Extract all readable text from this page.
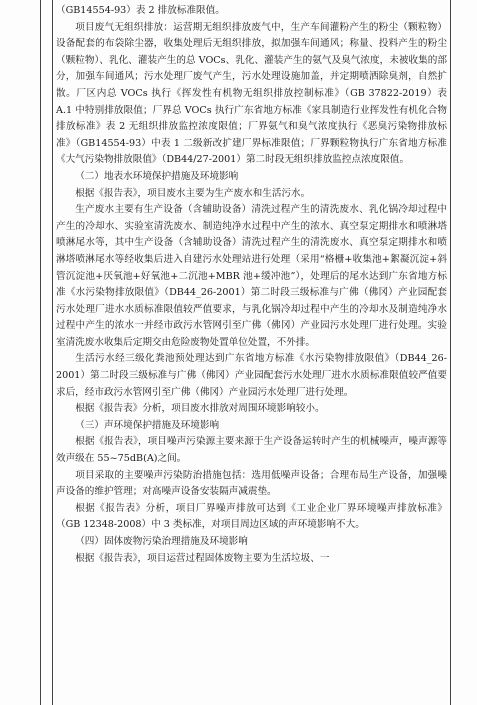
（GB14554-93）表 2 排放标准限值。

项目废气无组织排放：运营期无组织排放废气中，生产车间灌粉产生的粉尘（颗粒物）设备配套的布袋除尘器，收集处理后无组织排放，拟加强车间通风；称量、投料产生的粉尘（颗粒物）、乳化、灌装产生的总 VOCs、乳化、灌装产生的氨气及臭气浓度，未被收集的部分，加强车间通风；污水处理厂废气产生，污水处理设施加盖，并定期喷洒除臭剂，自然扩散。厂区内总 VOCs 执行《挥发性有机物无组织排放控制标准》（GB 37822-2019）表 A.1 中特别排放限值；厂界总 VOCs 执行广东省地方标准《家具制造行业挥发性有机化合物排放标准》表 2 无组织排放监控浓度限值；厂界氨气和臭气浓度执行《恶臭污染物排放标准》（GB14554-93）中表 1 二级新改扩建厂界标准限值；厂界颗粒物执行广东省地方标准《大气污染物排放限值》（DB44/27-2001）第二时段无组织排放监控点浓度限值。

（二）地表水环境保护措施及环境影响

根据《报告表》，项目废水主要为生产废水和生活污水。

生产废水主要有生产设备（含辅助设备）清洗过程产生的清洗废水、乳化锅冷却过程中产生的冷却水、实验室清洗废水、制造纯净水过程中产生的浓水、真空泵定期排水和喷淋塔喷淋尾水等，其中生产设备（含辅助设备）清洗过程产生的清洗废水、真空泵定期排水和喷淋塔喷淋尾水等经收集后进入自建污水处理站进行处理（采用“格栅+收集池+絮凝沉淀+斜管沉淀池+厌氧池+好氧池+二沉池+MBR 池+缓冲池”），处理后的尾水达到广东省地方标准《水污染物排放限值》（DB44_26-2001）第二时段三级标准与广佛（佛冈）产业园配套污水处理厂进水水质标准限值较严值要求，与乳化锅冷却过程中产生的冷却水及制造纯净水过程中产生的浓水一并经市政污水管网引至广佛（佛冈）产业园污水处理厂进行处理。实验室清洗废水收集后定期交由危险废物处置单位处置，不外排。

生活污水经三级化粪池预处理达到广东省地方标准《水污染物排放限值》（DB44_26-2001）第二时段三级标准与广佛（佛冈）产业园配套污水处理厂进水水质标准限值较严值要求后，经市政污水管网引至广佛（佛冈）产业园污水处理厂进行处理。

根据《报告表》分析，项目废水排放对周围环境影响较小。

（三）声环境保护措施及环境影响

根据《报告表》，项目噪声污染源主要来源于生产设备运转时产生的机械噪声，噪声源等效声级在 55~75dB(A)之间。

项目采取的主要噪声污染防治措施包括：选用低噪声设备；合理布局生产设备，加强噪声设备的维护管理；对高噪声设备安装隔声减震垫。

根据《报告表》分析，项目厂界噪声排放可达到《工业企业厂界环境噪声排放标准》（GB 12348-2008）中 3 类标准，对项目周边区域的声环境影响不大。

（四）固体废物污染治理措施及环境影响

根据《报告表》，项目运营过程固体废物主要为生活垃圾、一
